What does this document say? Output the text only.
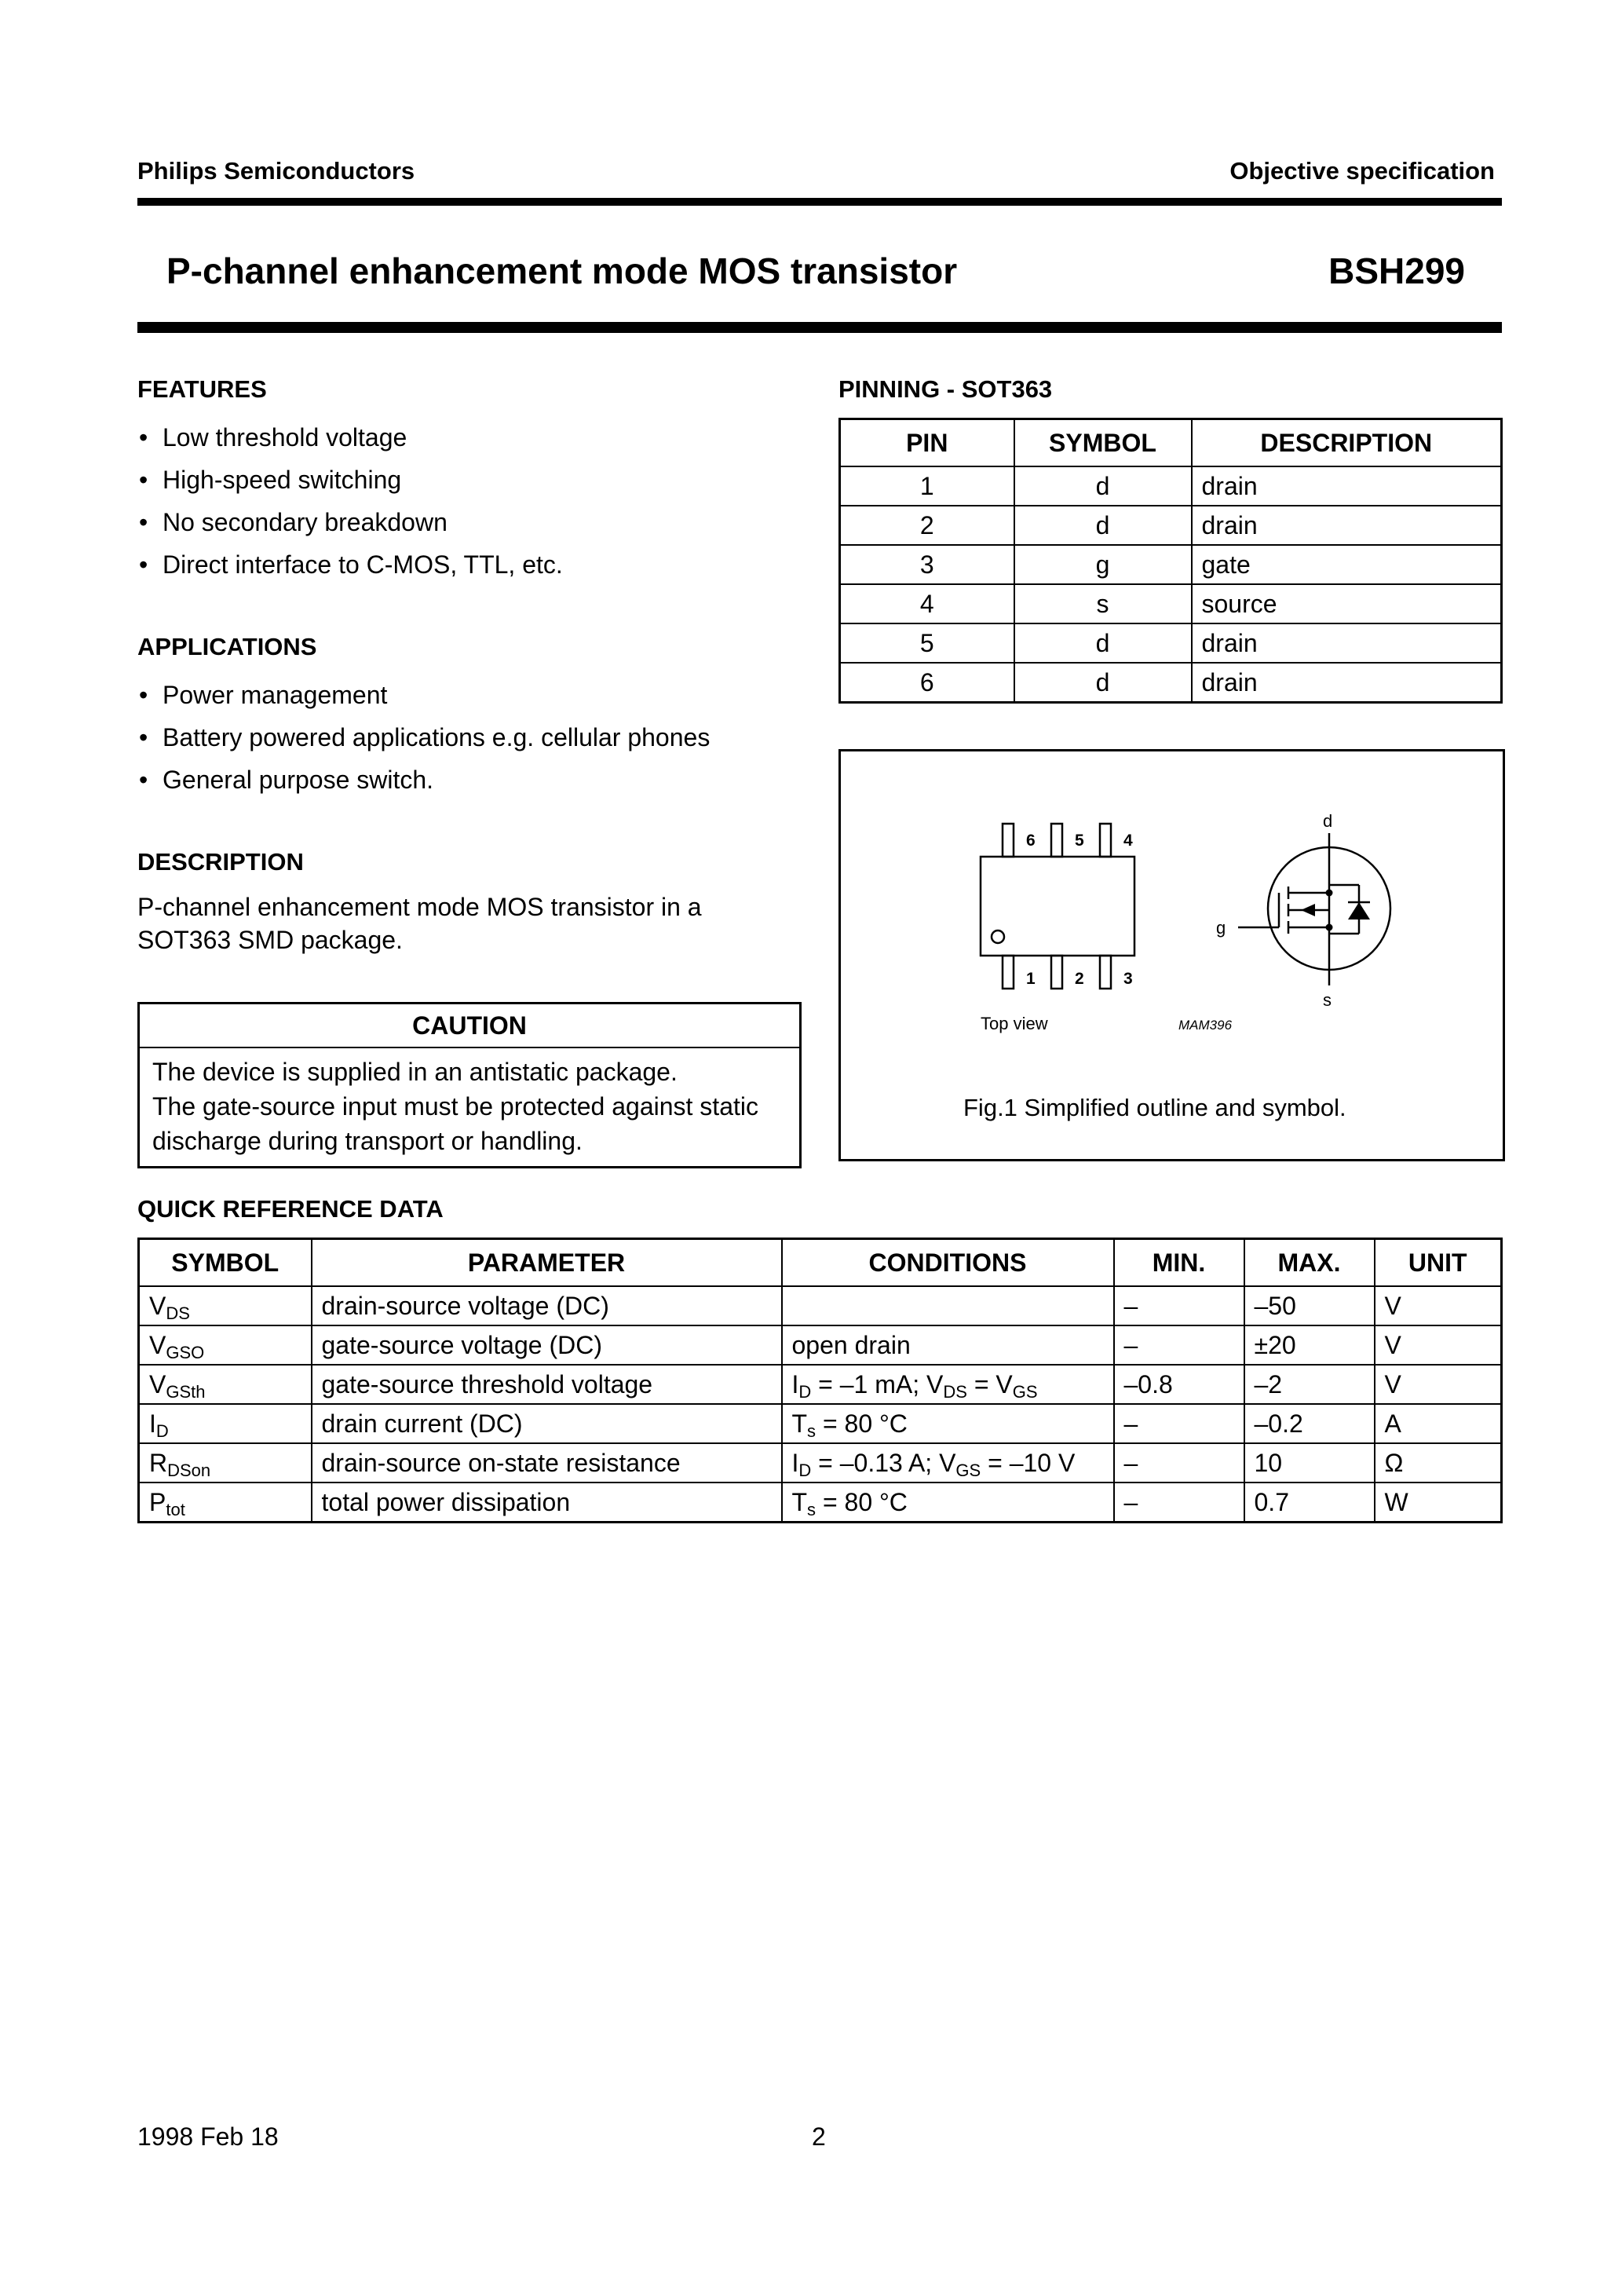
Philips Semiconductors	Objective specification
P-channel enhancement mode MOS transistor	BSH299
FEATURES
• Low threshold voltage
• High-speed switching
• No secondary breakdown
• Direct interface to C-MOS, TTL, etc.
APPLICATIONS
• Power management
• Battery powered applications e.g. cellular phones
• General purpose switch.
DESCRIPTION
P-channel enhancement mode MOS transistor in a
SOT363 SMD package.
CAUTION
The device is supplied in an antistatic package.
The gate-source input must be protected against static
discharge during transport or handling.
PINNING - SOT363
PIN	SYMBOL	DESCRIPTION
1	d	drain
2	d	drain
3	g	gate
4	s	source
5	d	drain
6	d	drain
6 5 4
1 2 3
Top view	MAM396
d
g
s
Fig.1 Simplified outline and symbol.
QUICK REFERENCE DATA
SYMBOL	PARAMETER	CONDITIONS	MIN.	MAX.	UNIT
$V_{DS}$	drain-source voltage (DC)		–	–50	V
$V_{GSO}$	gate-source voltage (DC)	open drain	–	±20	V
$V_{GSth}$	gate-source threshold voltage	$I_D = -1$ mA; $V_{DS} = V_{GS}$	–0.8	–2	V
$I_D$	drain current (DC)	$T_s = 80$ °C	–	–0.2	A
$R_{DSon}$	drain-source on-state resistance	$I_D = -0.13$ A; $V_{GS} = -10$ V	–	10	Ω
$P_{tot}$	total power dissipation	$T_s = 80$ °C	–	0.7	W
1998 Feb 18	2
